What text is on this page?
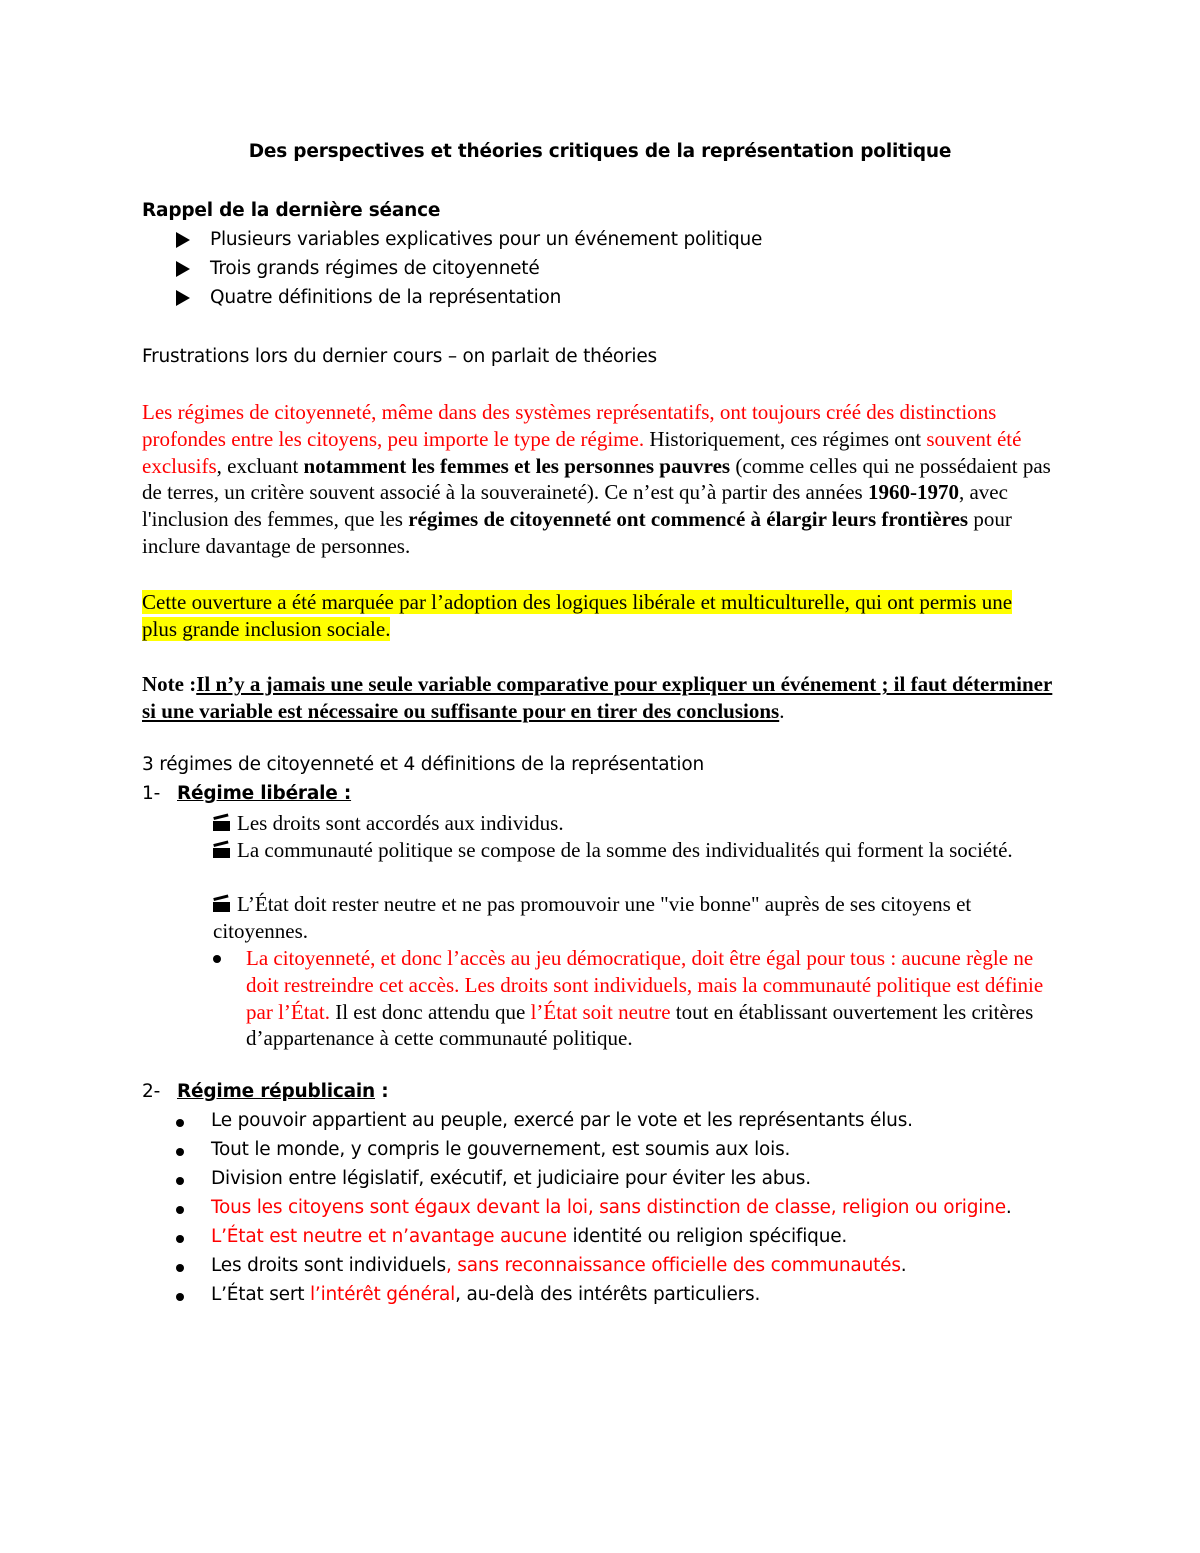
Des perspectives et théories critiques de la représentation politique
Rappel de la dernière séance
Plusieurs variables explicatives pour un événement politique
Trois grands régimes de citoyenneté
Quatre définitions de la représentation
Frustrations lors du dernier cours – on parlait de théories
Les régimes de citoyenneté, même dans des systèmes représentatifs, ont toujours créé des distinctions profondes entre les citoyens, peu importe le type de régime. Historiquement, ces régimes ont souvent été exclusifs, excluant notamment les femmes et les personnes pauvres (comme celles qui ne possédaient pas de terres, un critère souvent associé à la souveraineté). Ce n’est qu’à partir des années 1960-1970, avec l'inclusion des femmes, que les régimes de citoyenneté ont commencé à élargir leurs frontières pour inclure davantage de personnes.
Cette ouverture a été marquée par l’adoption des logiques libérale et multiculturelle, qui ont permis une plus grande inclusion sociale.
Note :Il n’y a jamais une seule variable comparative pour expliquer un événement ; il faut déterminer si une variable est nécessaire ou suffisante pour en tirer des conclusions.
3 régimes de citoyenneté et 4 définitions de la représentation
1- Régime libérale :
Les droits sont accordés aux individus.
La communauté politique se compose de la somme des individualités qui forment la société.
L’État doit rester neutre et ne pas promouvoir une "vie bonne" auprès de ses citoyens et citoyennes.
La citoyenneté, et donc l’accès au jeu démocratique, doit être égal pour tous : aucune règle ne doit restreindre cet accès. Les droits sont individuels, mais la communauté politique est définie par l’État. Il est donc attendu que l’État soit neutre tout en établissant ouvertement les critères d’appartenance à cette communauté politique.
2- Régime républicain :
Le pouvoir appartient au peuple, exercé par le vote et les représentants élus.
Tout le monde, y compris le gouvernement, est soumis aux lois.
Division entre législatif, exécutif, et judiciaire pour éviter les abus.
Tous les citoyens sont égaux devant la loi, sans distinction de classe, religion ou origine.
L’État est neutre et n’avantage aucune identité ou religion spécifique.
Les droits sont individuels, sans reconnaissance officielle des communautés.
L’État sert l’intérêt général, au-delà des intérêts particuliers.
